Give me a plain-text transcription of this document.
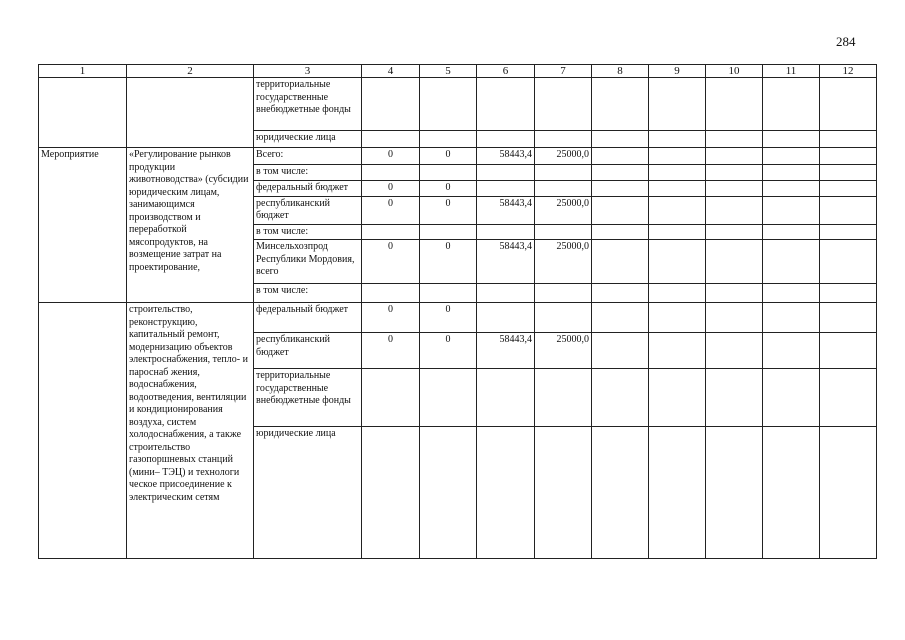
284
1	2	3	4	5	6	7	8	9	10	11	12
		территориальные государственные внебюджетные фонды									
		юридические лица									
Мероприятие	«Регулирование рынков продукции животноводства» (субсидии юридическим лицам, занимающимся производством и переработкой мясопродуктов, на возмещение затрат на проектирование,	Всего:	0	0	58443,4	25000,0					
		в том числе:									
		федеральный бюджет	0	0							
		республиканский бюджет	0	0	58443,4	25000,0					
		в том числе:									
		Минсельхозпрод Республики Мордовия, всего	0	0	58443,4	25000,0					
		в том числе:									
	строительство, реконструкцию, капитальный ремонт, модернизацию объектов электроснабжения, тепло- и пароснаб жения, водоснабжения, водоотведения, вентиляции и кондиционирования воздуха, систем холодоснабжения, а также строительство газопоршневых станций (мини– ТЭЦ) и технологи ческое присоединение к электрическим сетям	федеральный бюджет	0	0							
		республиканский бюджет	0	0	58443,4	25000,0					
		территориальные государственные внебюджетные фонды									
		юридические лица									
